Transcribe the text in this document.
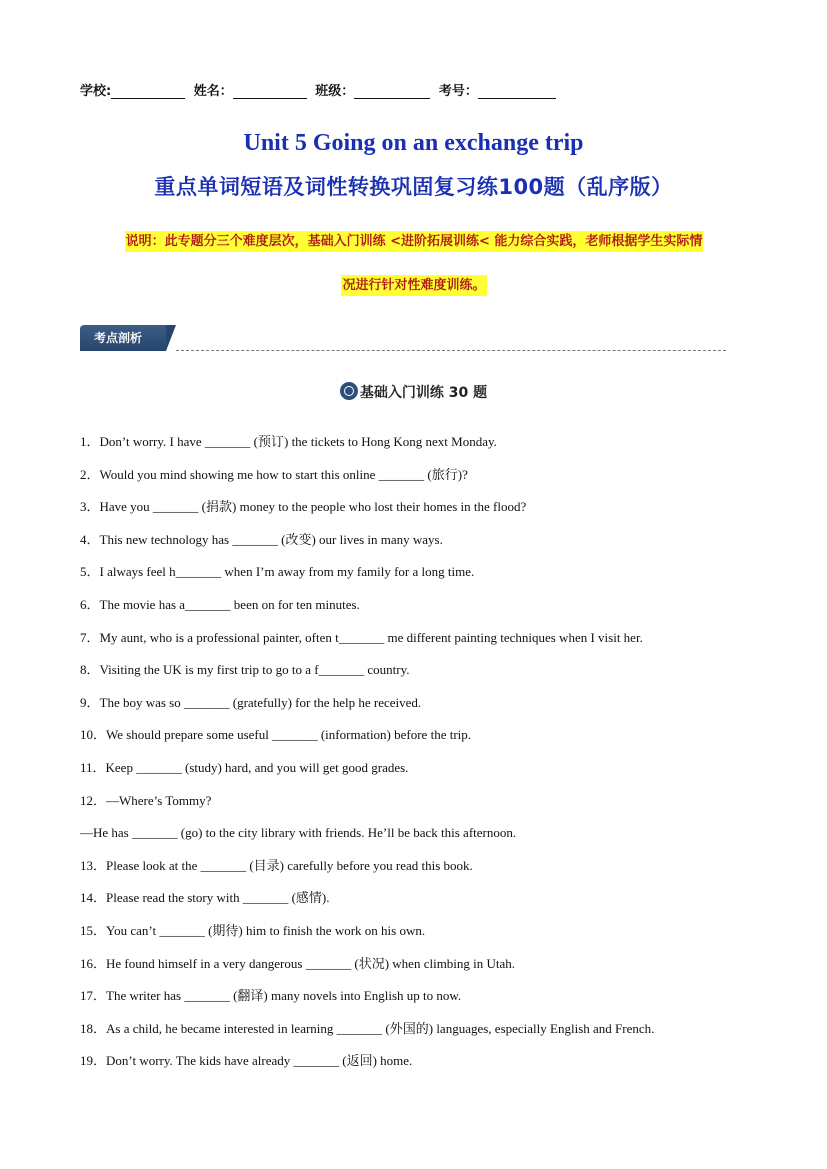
学校:	姓名：	班级：	考号：
Unit 5 Going on an exchange trip
重点单词短语及词性转换巩固复习练100题（乱序版）
说明：此专题分三个难度层次，基础入门训练 <进阶拓展训练< 能力综合实践，老师根据学生实际情
况进行针对性难度训练。
考点剖析
基础入门训练 30 题
1．Don’t worry. I have _______ (预订) the tickets to Hong Kong next Monday.
2．Would you mind showing me how to start this online _______ (旅行)?
3．Have you _______ (捐款) money to the people who lost their homes in the flood?
4．This new technology has _______ (改变) our lives in many ways.
5．I always feel h_______ when I’m away from my family for a long time.
6．The movie has a_______ been on for ten minutes.
7．My aunt, who is a professional painter, often t_______ me different painting techniques when I visit her.
8．Visiting the UK is my first trip to go to a f_______ country.
9．The boy was so _______ (gratefully) for the help he received.
10．We should prepare some useful _______ (information) before the trip.
11．Keep _______ (study) hard, and you will get good grades.
12．—Where’s Tommy?
—He has _______ (go) to the city library with friends. He’ll be back this afternoon.
13．Please look at the _______ (目录) carefully before you read this book.
14．Please read the story with _______ (感情).
15．You can’t _______ (期待) him to finish the work on his own.
16．He found himself in a very dangerous _______ (状况) when climbing in Utah.
17．The writer has _______ (翻译) many novels into English up to now.
18．As a child, he became interested in learning _______ (外国的) languages, especially English and French.
19．Don’t worry. The kids have already _______ (返回) home.
